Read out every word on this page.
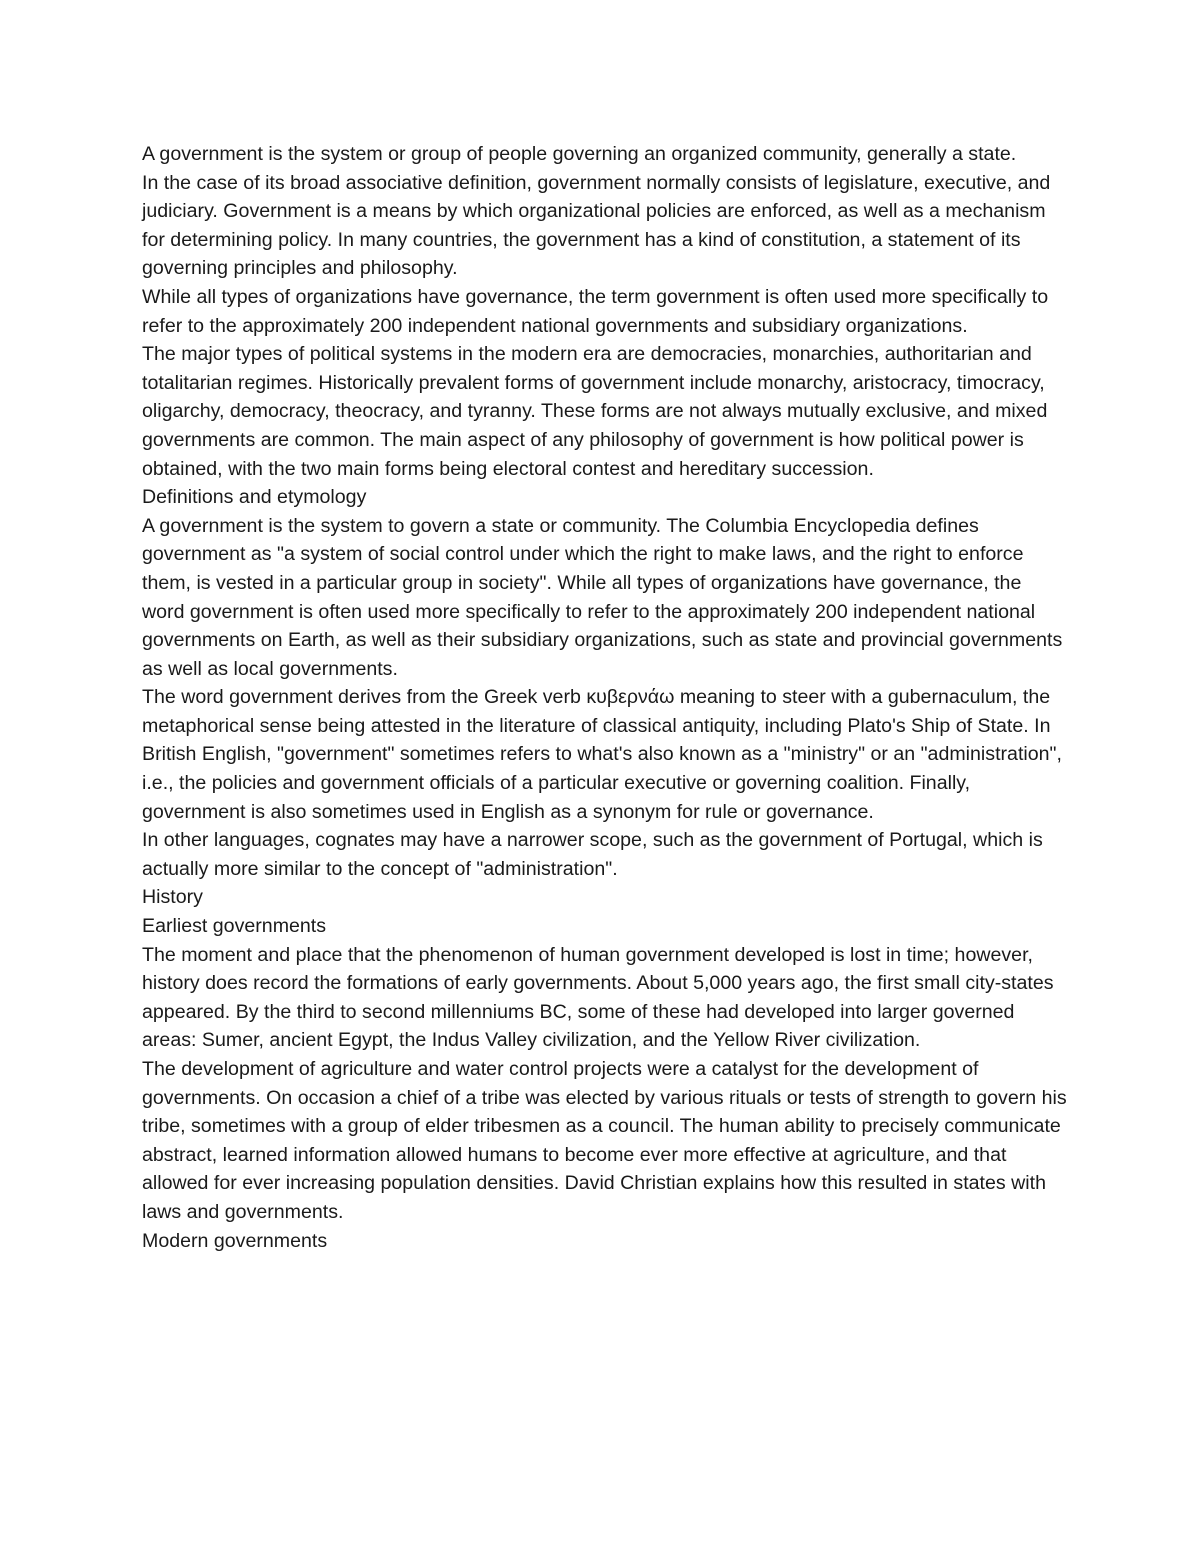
A government is the system or group of people governing an organized community, generally a state.

In the case of its broad associative definition, government normally consists of legislature, executive, and judiciary. Government is a means by which organizational policies are enforced, as well as a mechanism for determining policy. In many countries, the government has a kind of constitution, a statement of its governing principles and philosophy.

While all types of organizations have governance, the term government is often used more specifically to refer to the approximately 200 independent national governments and subsidiary organizations.

The major types of political systems in the modern era are democracies, monarchies, authoritarian and totalitarian regimes. Historically prevalent forms of government include monarchy, aristocracy, timocracy, oligarchy, democracy, theocracy, and tyranny. These forms are not always mutually exclusive, and mixed governments are common. The main aspect of any philosophy of government is how political power is obtained, with the two main forms being electoral contest and hereditary succession.

Definitions and etymology

A government is the system to govern a state or community. The Columbia Encyclopedia defines government as "a system of social control under which the right to make laws, and the right to enforce them, is vested in a particular group in society". While all types of organizations have governance, the word government is often used more specifically to refer to the approximately 200 independent national governments on Earth, as well as their subsidiary organizations, such as state and provincial governments as well as local governments.

The word government derives from the Greek verb κυβερνάω meaning to steer with a gubernaculum, the metaphorical sense being attested in the literature of classical antiquity, including Plato's Ship of State. In British English, "government" sometimes refers to what's also known as a "ministry" or an "administration", i.e., the policies and government officials of a particular executive or governing coalition. Finally, government is also sometimes used in English as a synonym for rule or governance.

In other languages, cognates may have a narrower scope, such as the government of Portugal, which is actually more similar to the concept of "administration".

History

Earliest governments

The moment and place that the phenomenon of human government developed is lost in time; however, history does record the formations of early governments. About 5,000 years ago, the first small city-states appeared. By the third to second millenniums BC, some of these had developed into larger governed areas: Sumer, ancient Egypt, the Indus Valley civilization, and the Yellow River civilization.

The development of agriculture and water control projects were a catalyst for the development of governments. On occasion a chief of a tribe was elected by various rituals or tests of strength to govern his tribe, sometimes with a group of elder tribesmen as a council. The human ability to precisely communicate abstract, learned information allowed humans to become ever more effective at agriculture, and that allowed for ever increasing population densities. David Christian explains how this resulted in states with laws and governments.

Modern governments
